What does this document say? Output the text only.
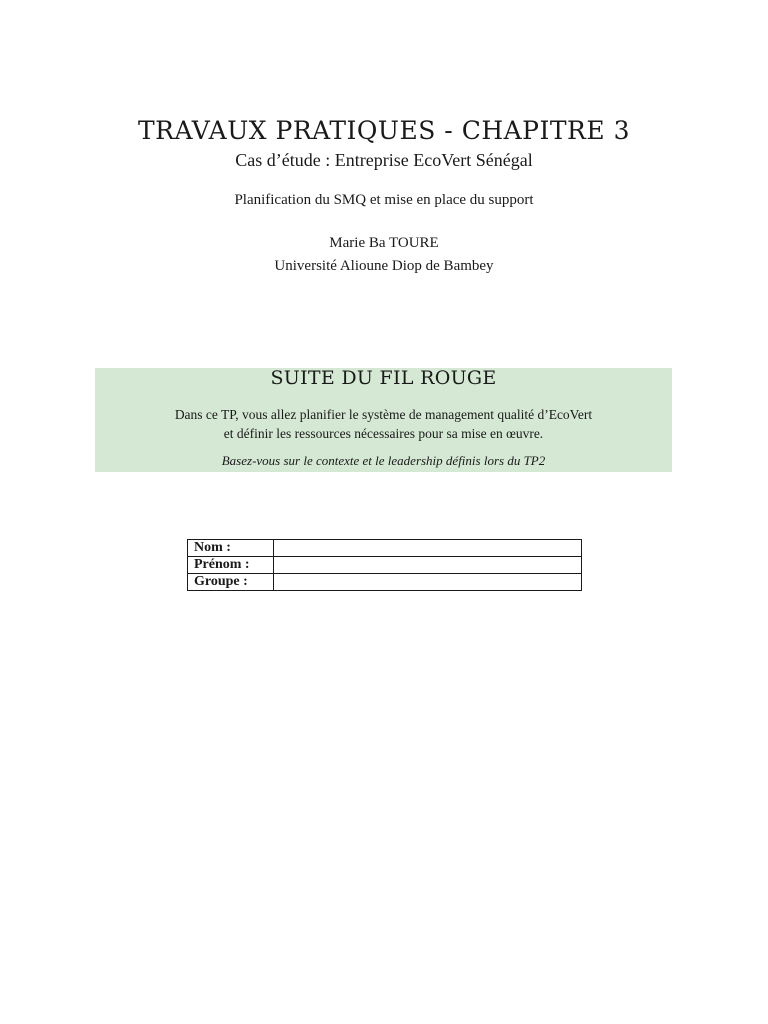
TRAVAUX PRATIQUES - CHAPITRE 3
Cas d’étude : Entreprise EcoVert Sénégal
Planification du SMQ et mise en place du support
Marie Ba TOURE
Université Alioune Diop de Bambey
SUITE DU FIL ROUGE
Dans ce TP, vous allez planifier le système de management qualité d’EcoVert
et définir les ressources nécessaires pour sa mise en œuvre.
Basez-vous sur le contexte et le leadership définis lors du TP2
Nom :	
Prénom :	
Groupe :	
